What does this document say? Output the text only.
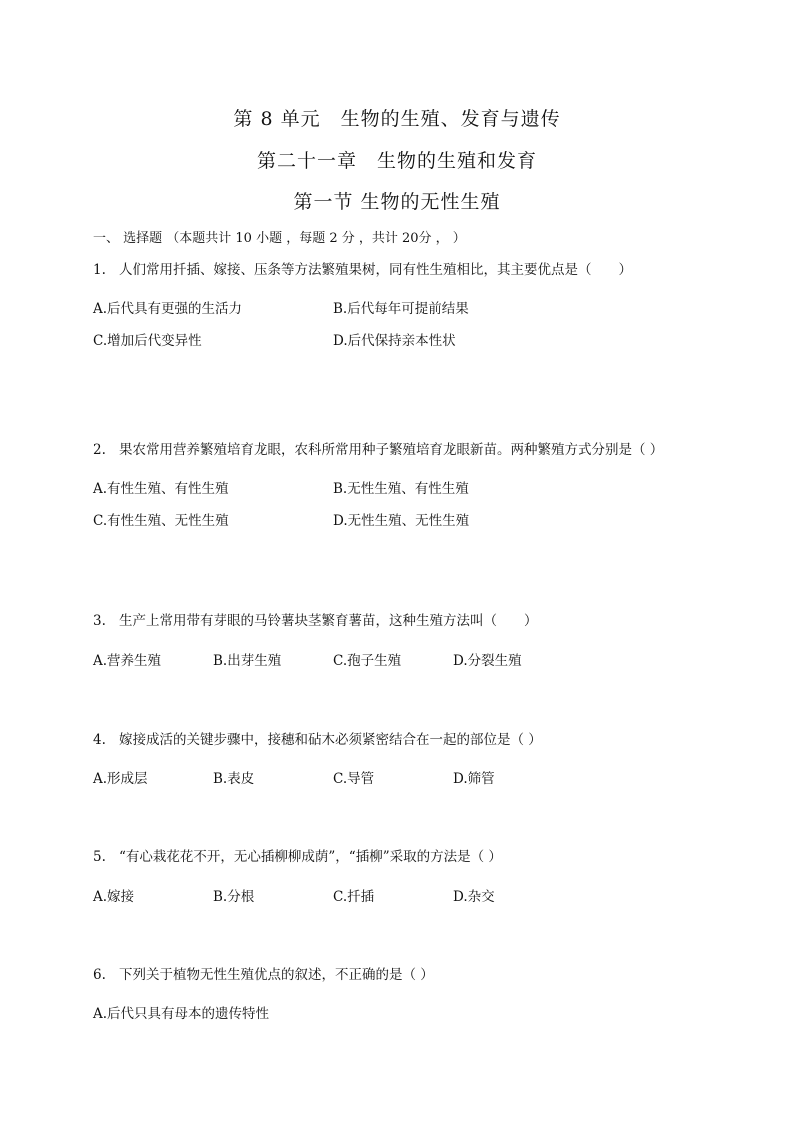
第 8 单元　生物的生殖、发育与遗传
第二十一章　生物的生殖和发育
第一节 生物的无性生殖
一、 选择题 （本题共计 10 小题 ，每题 2 分 ，共计 20分 ， ）
1. 人们常用扦插、嫁接、压条等方法繁殖果树，同有性生殖相比，其主要优点是（　　）
A.后代具有更强的生活力	B.后代每年可提前结果
C.增加后代变异性	D.后代保持亲本性状
2. 果农常用营养繁殖培育龙眼，农科所常用种子繁殖培育龙眼新苗。两种繁殖方式分别是（ ）
A.有性生殖、有性生殖	B.无性生殖、有性生殖
C.有性生殖、无性生殖	D.无性生殖、无性生殖
3. 生产上常用带有芽眼的马铃薯块茎繁育薯苗，这种生殖方法叫（　　）
A.营养生殖	B.出芽生殖	C.孢子生殖	D.分裂生殖
4. 嫁接成活的关键步骤中，接穗和砧木必须紧密结合在一起的部位是（ ）
A.形成层	B.表皮	C.导管	D.筛管
5. “有心栽花花不开，无心插柳柳成荫”，“插柳”采取的方法是（ ）
A.嫁接	B.分根	C.扦插	D.杂交
6. 下列关于植物无性生殖优点的叙述，不正确的是（ ）
A.后代只具有母本的遗传特性
